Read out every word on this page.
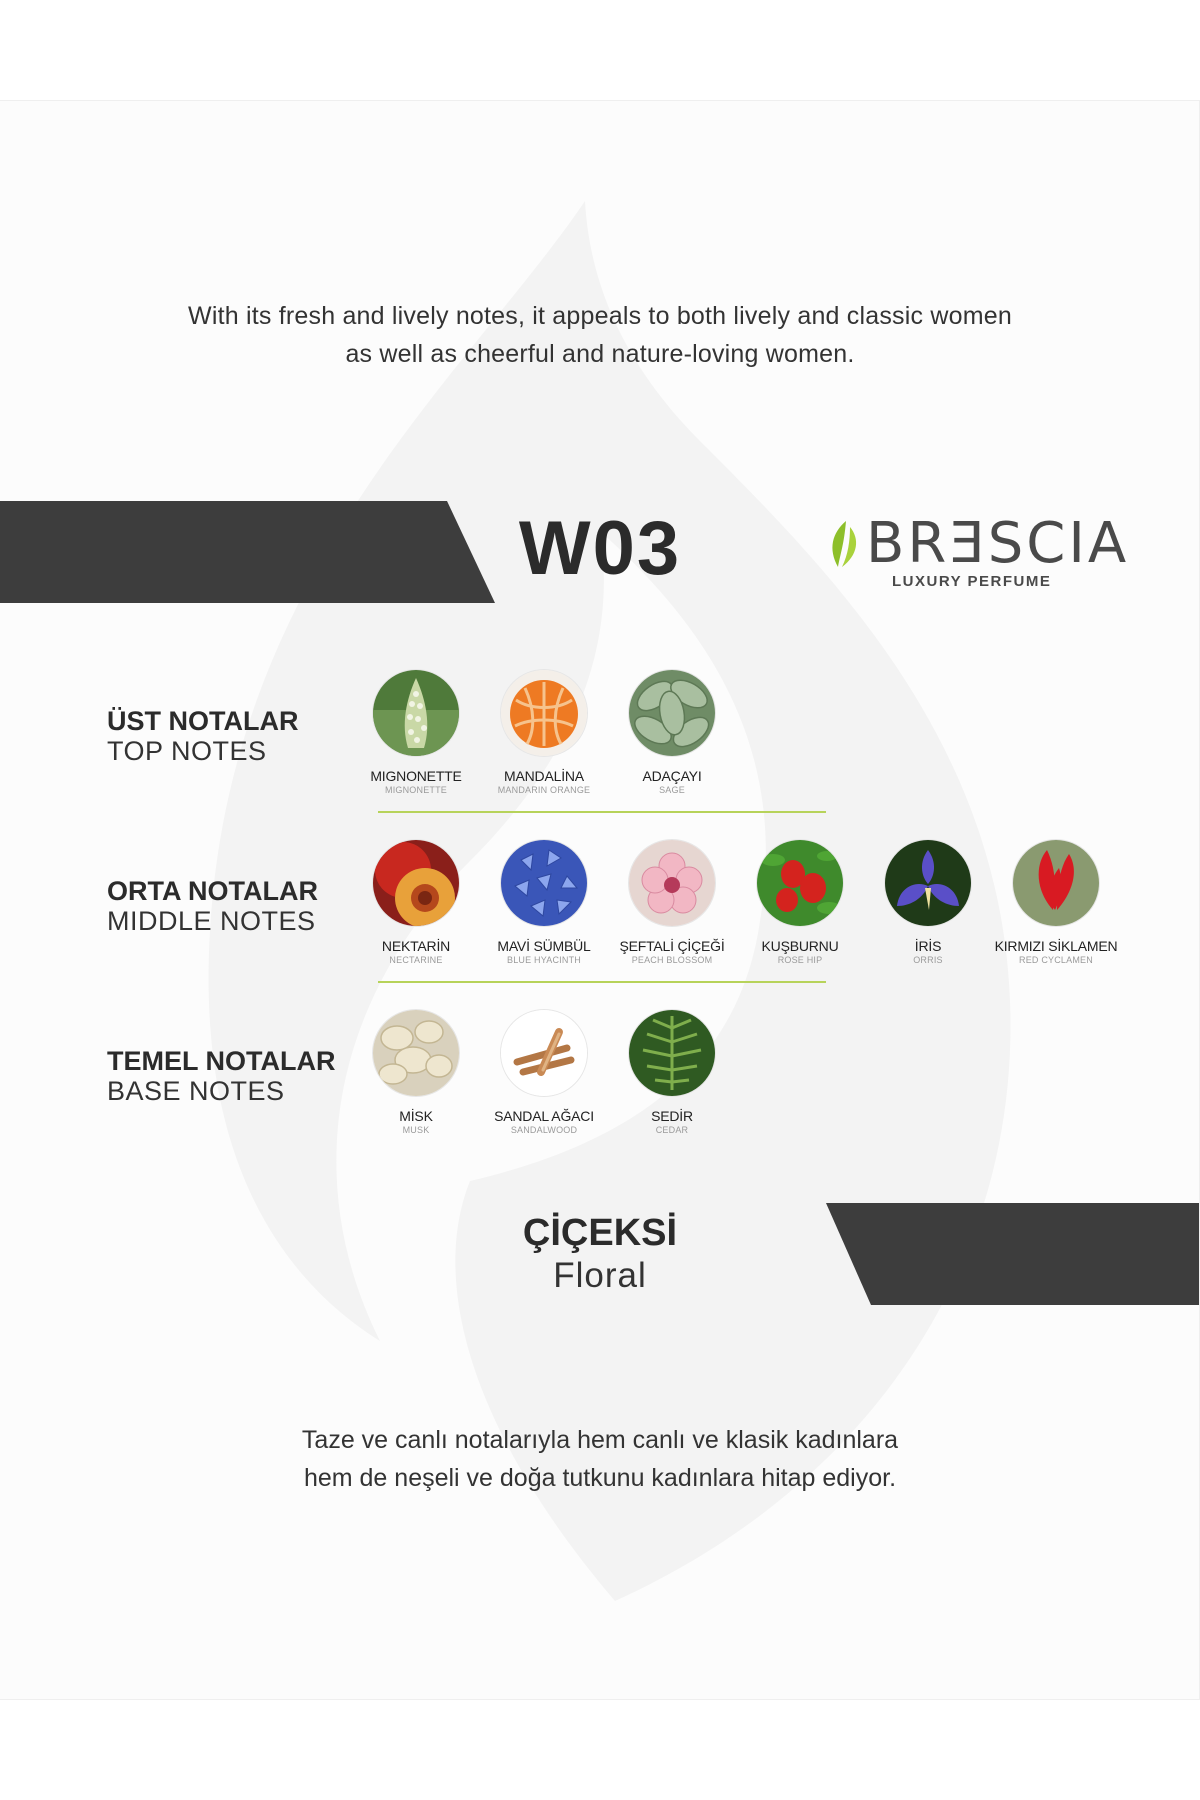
With its fresh and lively notes, it appeals to both lively and classic women
as well as cheerful and nature-loving women.
W03	BRƎSCIA
LUXURY PERFUME
ÜST NOTALAR
TOP NOTES
MIGNONETTE
MIGNONETTE
MANDALİNA
MANDARIN ORANGE
ADAÇAYI
SAGE
ORTA NOTALAR
MIDDLE NOTES
NEKTARİN
NECTARINE
MAVİ SÜMBÜL
BLUE HYACINTH
ŞEFTALİ ÇİÇEĞİ
PEACH BLOSSOM
KUŞBURNU
ROSE HIP
İRİS
ORRIS
KIRMIZI SİKLAMEN
RED CYCLAMEN
TEMEL NOTALAR
BASE NOTES
MİSK
MUSK
SANDAL AĞACI
SANDALWOOD
SEDİR
CEDAR
ÇİÇEKSİ
Floral
Taze ve canlı notalarıyla hem canlı ve klasik kadınlara
hem de neşeli ve doğa tutkunu kadınlara hitap ediyor.
